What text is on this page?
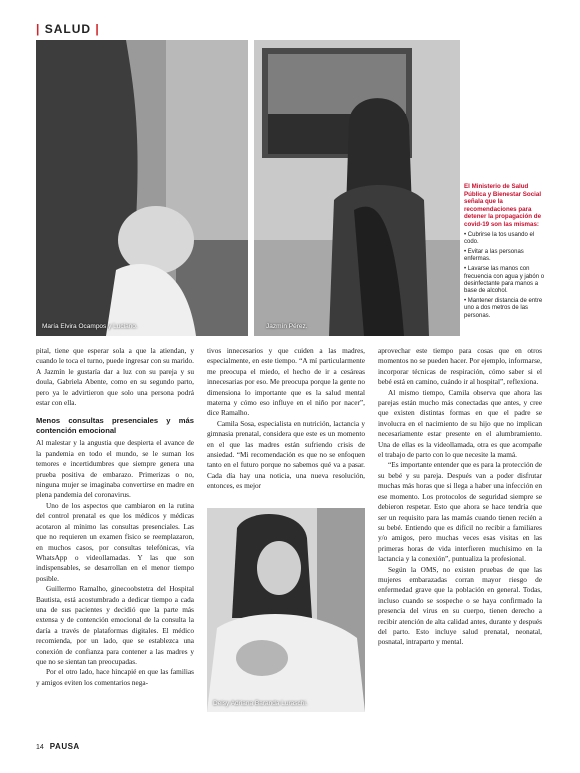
| SALUD |
María Elvira Ocampos y Luciano.	Jazmín Pérez.
El Ministerio de Salud Pública y Bienestar Social señala que la recomendaciones para detener la propagación de covid-19 son las mismas:
• Cubrirse la tos usando el codo.
• Evitar a las personas enfermas.
• Lavarse las manos con frecuencia con agua y jabón o desinfectante para manos a base de alcohol.
• Mantener distancia de entre uno a dos metros de las personas.

pital, tiene que esperar sola a que la atiendan, y cuando le toca el turno, puede ingresar con su marido. A Jazmín le gustaría dar a luz con su pareja y su doula, Gabriela Abente, como en su segundo parto, pero ya le advirtieron que solo una persona podrá estar con ella.

Menos consultas presenciales y más contención emocional

Al malestar y la angustia que despierta el avance de la pandemia en todo el mundo, se le suman los temores e incertidumbres que siempre genera una prueba positiva de embarazo. Primerizas o no, ninguna mujer se imaginaba convertirse en madre en plena pandemia del coronavirus.

Uno de los aspectos que cambiaron en la rutina del control prenatal es que los médicos y médicas acotaron al mínimo las consultas presenciales. Las que no requieren un examen físico se reemplazaron, en muchos casos, por consultas telefónicas, vía WhatsApp o videollamadas. Y las que son indispensables, se desarrollan en el menor tiempo posible.

Guillermo Ramalho, ginecoobstetra del Hospital Bautista, está acostumbrado a dedicar tiempo a cada una de sus pacientes y decidió que la parte más extensa y de contención emocional de la consulta la daría a través de plataformas digitales. El médico recomienda, por un lado, que se establezca una conexión de confianza para contener a las madres y que no se sientan tan preocupadas.

Por el otro lado, hace hincapié en que las familias y amigos eviten los comentarios nega-

tivos innecesarios y que cuiden a las madres, especialmente, en este tiempo. “A mí particularmente me preocupa el miedo, el hecho de ir a cesáreas innecesarias por eso. Me preocupa porque la gente no dimensiona lo importante que es la salud mental materna y cómo eso influye en el niño por nacer”, dice Ramalho.

Camila Sosa, especialista en nutrición, lactancia y gimnasia prenatal, considera que este es un momento en el que las madres están sufriendo crisis de ansiedad. “Mi recomendación es que no se enfoquen tanto en el futuro porque no sabemos qué va a pasar. Cada día hay una noticia, una nueva resolución, entonces, es mejor

Deisy Adriana Baranda Luraschi.

aprovechar este tiempo para cosas que en otros momentos no se pueden hacer. Por ejemplo, informarse, incorporar técnicas de respiración, cómo saber si el bebé está en camino, cuándo ir al hospital”, reflexiona.

Al mismo tiempo, Camila observa que ahora las parejas están mucho más conectadas que antes, y cree que existen distintas formas en que el padre se involucra en el nacimiento de su hijo que no implican necesariamente estar presente en el alumbramiento. Una de ellas es la videollamada, otra es que acompañe el trabajo de parto con lo que necesite la mamá.

“Es importante entender que es para la protección de su bebé y su pareja. Después van a poder disfrutar muchas más horas que si llega a haber una infección en ese momento. Los protocolos de seguridad siempre se debieron respetar. Esto que ahora se hace tendría que ser un requisito para las mamás cuando tienen recién a su bebé. Entiendo que es difícil no recibir a familiares y/o amigos, pero muchas veces esas visitas en las primeras horas de vida interfieren muchísimo en la lactancia y la conexión”, puntualiza la profesional.

Según la OMS, no existen pruebas de que las mujeres embarazadas corran mayor riesgo de enfermedad grave que la población en general. Todas, incluso cuando se sospeche o se haya confirmado la presencia del virus en su cuerpo, tienen derecho a recibir atención de alta calidad antes, durante y después del parto. Esto incluye salud prenatal, neonatal, posnatal, intraparto y mental.

14 PAUSA
